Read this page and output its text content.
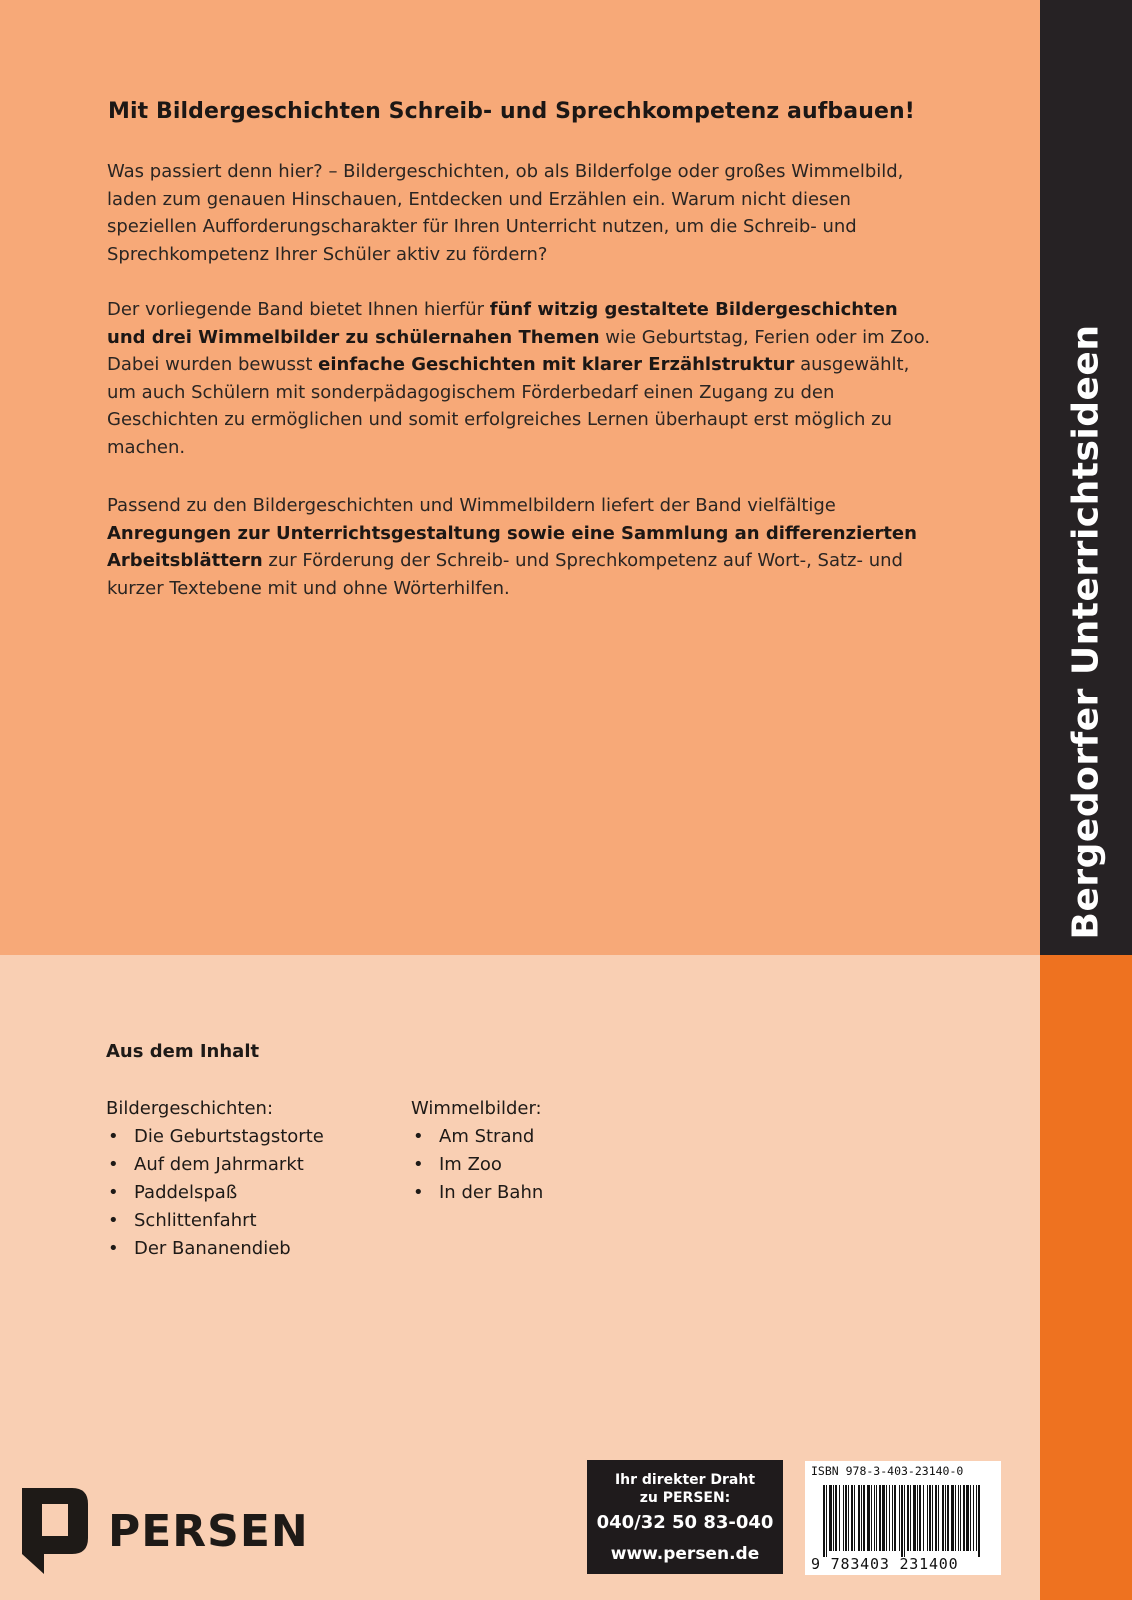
Bergedorfer Unterrichtsideen
Mit Bildergeschichten Schreib- und Sprechkompetenz aufbauen!

Was passiert denn hier? – Bildergeschichten, ob als Bilderfolge oder großes Wimmelbild, laden zum genauen Hinschauen, Entdecken und Erzählen ein. Warum nicht diesen speziellen Aufforderungscharakter für Ihren Unterricht nutzen, um die Schreib- und Sprechkompetenz Ihrer Schüler aktiv zu fördern?

Der vorliegende Band bietet Ihnen hierfür fünf witzig gestaltete Bildergeschichten und drei Wimmelbilder zu schülernahen Themen wie Geburtstag, Ferien oder im Zoo. Dabei wurden bewusst einfache Geschichten mit klarer Erzählstruktur ausgewählt, um auch Schülern mit sonderpädagogischem Förderbedarf einen Zugang zu den Geschichten zu ermöglichen und somit erfolgreiches Lernen überhaupt erst möglich zu machen.

Passend zu den Bildergeschichten und Wimmelbildern liefert der Band vielfältige Anregungen zur Unterrichtsgestaltung sowie eine Sammlung an differenzierten Arbeitsblättern zur Förderung der Schreib- und Sprechkompetenz auf Wort-, Satz- und kurzer Textebene mit und ohne Wörterhilfen.

Aus dem Inhalt
Bildergeschichten:
• Die Geburtstagstorte
• Auf dem Jahrmarkt
• Paddelspaß
• Schlittenfahrt
• Der Bananendieb
Wimmelbilder:
• Am Strand
• Im Zoo
• In der Bahn
PERSEN
Ihr direkter Draht
zu PERSEN:
040/32 50 83-040
www.persen.de
ISBN 978-3-403-23140-0
9 783403 231400
